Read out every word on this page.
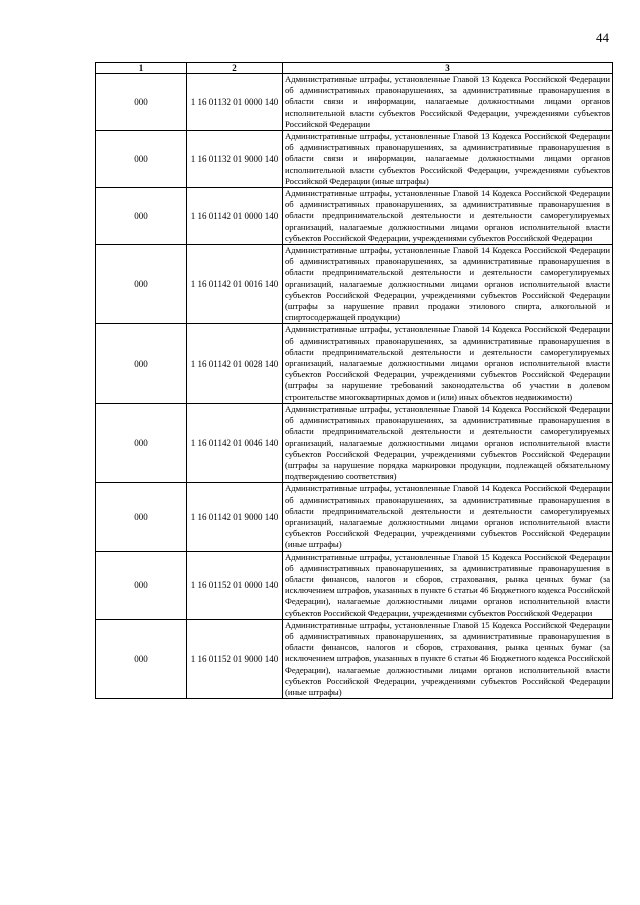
44
1	2	3
000	1 16 01132 01 0000 140	Административные штрафы, установленные Главой 13 Кодекса Российской Федерации об административных правонарушениях, за административные правонарушения в области связи и информации, налагаемые должностными лицами органов исполнительной власти субъектов Российской Федерации, учреждениями субъектов Российской Федерации
000	1 16 01132 01 9000 140	Административные штрафы, установленные Главой 13 Кодекса Российской Федерации об административных правонарушениях, за административные правонарушения в области связи и информации, налагаемые должностными лицами органов исполнительной власти субъектов Российской Федерации, учреждениями субъектов Российской Федерации (иные штрафы)
000	1 16 01142 01 0000 140	Административные штрафы, установленные Главой 14 Кодекса Российской Федерации об административных правонарушениях, за административные правонарушения в области предпринимательской деятельности и деятельности саморегулируемых организаций, налагаемые должностными лицами органов исполнительной власти субъектов Российской Федерации, учреждениями субъектов Российской Федерации
000	1 16 01142 01 0016 140	Административные штрафы, установленные Главой 14 Кодекса Российской Федерации об административных правонарушениях, за административные правонарушения в области предпринимательской деятельности и деятельности саморегулируемых организаций, налагаемые должностными лицами органов исполнительной власти субъектов Российской Федерации, учреждениями субъектов Российской Федерации (штрафы за нарушение правил продажи этилового спирта, алкогольной и спиртосодержащей продукции)
000	1 16 01142 01 0028 140	Административные штрафы, установленные Главой 14 Кодекса Российской Федерации об административных правонарушениях, за административные правонарушения в области предпринимательской деятельности и деятельности саморегулируемых организаций, налагаемые должностными лицами органов исполнительной власти субъектов Российской Федерации, учреждениями субъектов Российской Федерации (штрафы за нарушение требований законодательства об участии в долевом строительстве многоквартирных домов и (или) иных объектов недвижимости)
000	1 16 01142 01 0046 140	Административные штрафы, установленные Главой 14 Кодекса Российской Федерации об административных правонарушениях, за административные правонарушения в области предпринимательской деятельности и деятельности саморегулируемых организаций, налагаемые должностными лицами органов исполнительной власти субъектов Российской Федерации, учреждениями субъектов Российской Федерации (штрафы за нарушение порядка маркировки продукции, подлежащей обязательному подтверждению соответствия)
000	1 16 01142 01 9000 140	Административные штрафы, установленные Главой 14 Кодекса Российской Федерации об административных правонарушениях, за административные правонарушения в области предпринимательской деятельности и деятельности саморегулируемых организаций, налагаемые должностными лицами органов исполнительной власти субъектов Российской Федерации, учреждениями субъектов Российской Федерации (иные штрафы)
000	1 16 01152 01 0000 140	Административные штрафы, установленные Главой 15 Кодекса Российской Федерации об административных правонарушениях, за административные правонарушения в области финансов, налогов и сборов, страхования, рынка ценных бумаг (за исключением штрафов, указанных в пункте 6 статьи 46 Бюджетного кодекса Российской Федерации), налагаемые должностными лицами органов исполнительной власти субъектов Российской Федерации, учреждениями субъектов Российской Федерации
000	1 16 01152 01 9000 140	Административные штрафы, установленные Главой 15 Кодекса Российской Федерации об административных правонарушениях, за административные правонарушения в области финансов, налогов и сборов, страхования, рынка ценных бумаг (за исключением штрафов, указанных в пункте 6 статьи 46 Бюджетного кодекса Российской Федерации), налагаемые должностными лицами органов исполнительной власти субъектов Российской Федерации, учреждениями субъектов Российской Федерации (иные штрафы)
